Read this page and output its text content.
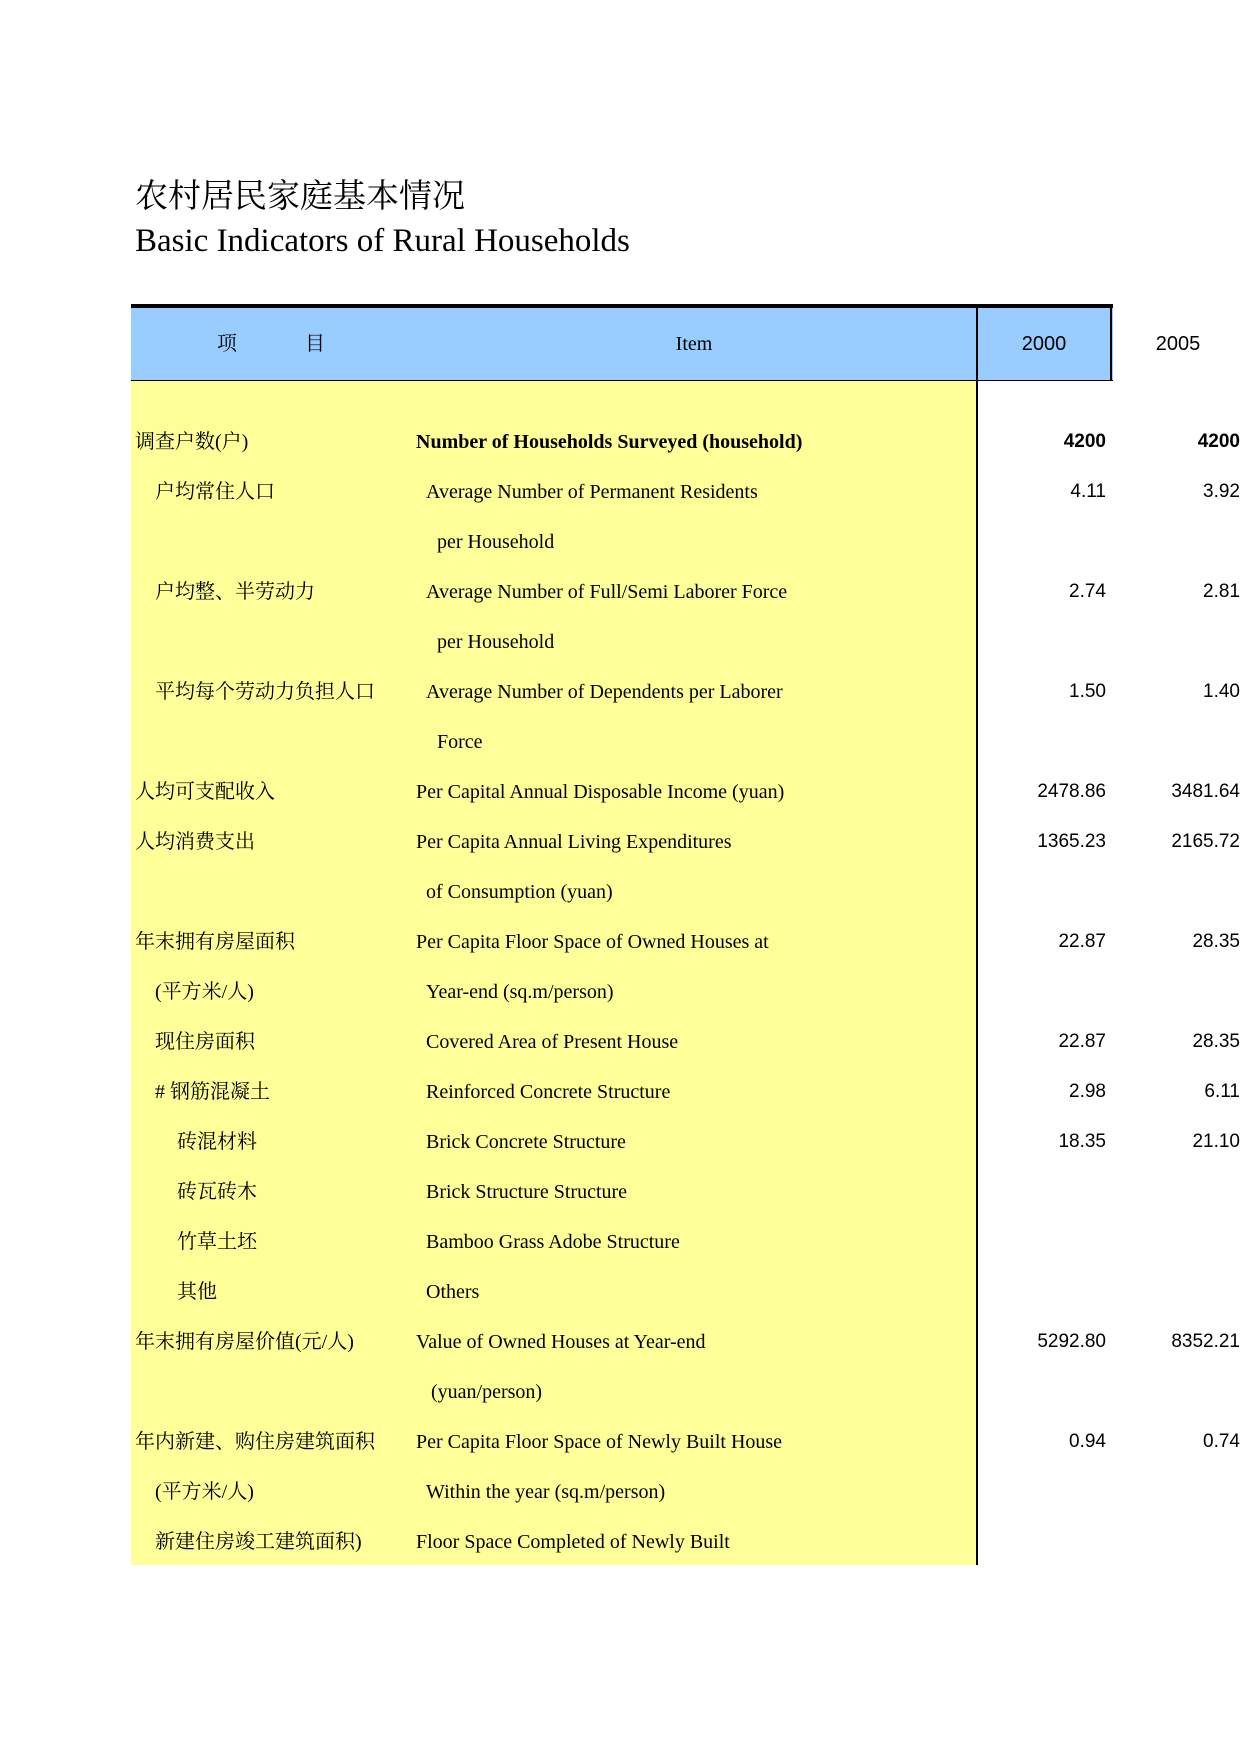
农村居民家庭基本情况
Basic Indicators of Rural Households
项	目	Item	2000	2005
调查户数(户)	Number of Households Surveyed (household)	4200	4200
户均常住人口	Average Number of Permanent Residents	4.11	3.92
per Household
户均整、半劳动力	Average Number of Full/Semi Laborer Force	2.74	2.81
per Household
平均每个劳动力负担人口	Average Number of Dependents per Laborer	1.50	1.40
Force
人均可支配收入	Per Capital Annual Disposable Income (yuan)	2478.86	3481.64
人均消费支出	Per Capita Annual Living Expenditures	1365.23	2165.72
of Consumption (yuan)
年末拥有房屋面积	Per Capita Floor Space of Owned Houses at	22.87	28.35
(平方米/人)	Year-end (sq.m/person)
现住房面积	Covered Area of Present House	22.87	28.35
# 钢筋混凝土	Reinforced Concrete Structure	2.98	6.11
砖混材料	Brick Concrete Structure	18.35	21.10
砖瓦砖木	Brick Structure Structure
竹草土坯	Bamboo Grass Adobe Structure
其他	Others
年末拥有房屋价值(元/人)	Value of Owned Houses at Year-end	5292.80	8352.21
(yuan/person)
年内新建、购住房建筑面积 Per Capita Floor Space of Newly Built House	0.94	0.74
(平方米/人)	Within the year (sq.m/person)
新建住房竣工建筑面积)	Floor Space Completed of Newly Built
